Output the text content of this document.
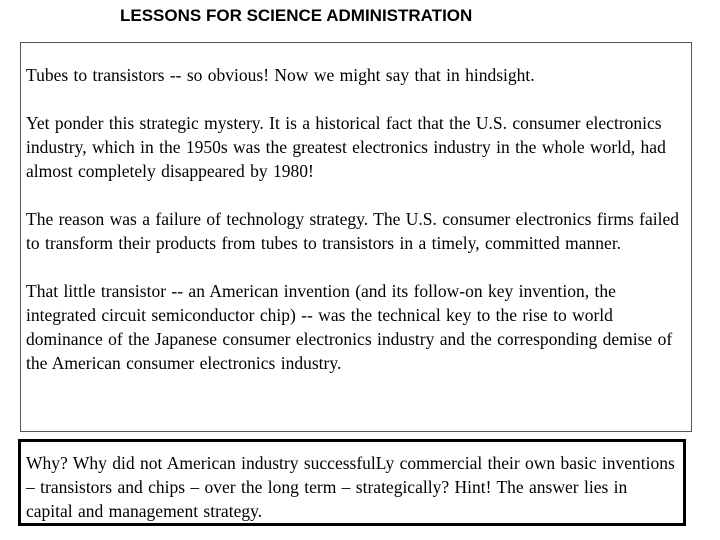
LESSONS FOR SCIENCE ADMINISTRATION

Tubes to transistors -- so obvious! Now we might say that in hindsight.

Yet ponder this strategic mystery. It is a historical fact that the U.S. consumer electronics industry, which in the 1950s was the greatest electronics industry in the whole world, had almost completely disappeared by 1980!

The reason was a failure of technology strategy. The U.S. consumer electronics firms failed to transform their products from tubes to transistors in a timely, committed manner.

That little transistor -- an American invention (and its follow-on key invention, the integrated circuit semiconductor chip) -- was the technical key to the rise to world dominance of the Japanese consumer electronics industry and the corresponding demise of the American consumer electronics industry.

Why? Why did not American industry successfulLy commercial their own basic inventions – transistors and chips – over the long term – strategically? Hint! The answer lies in capital and management strategy.
